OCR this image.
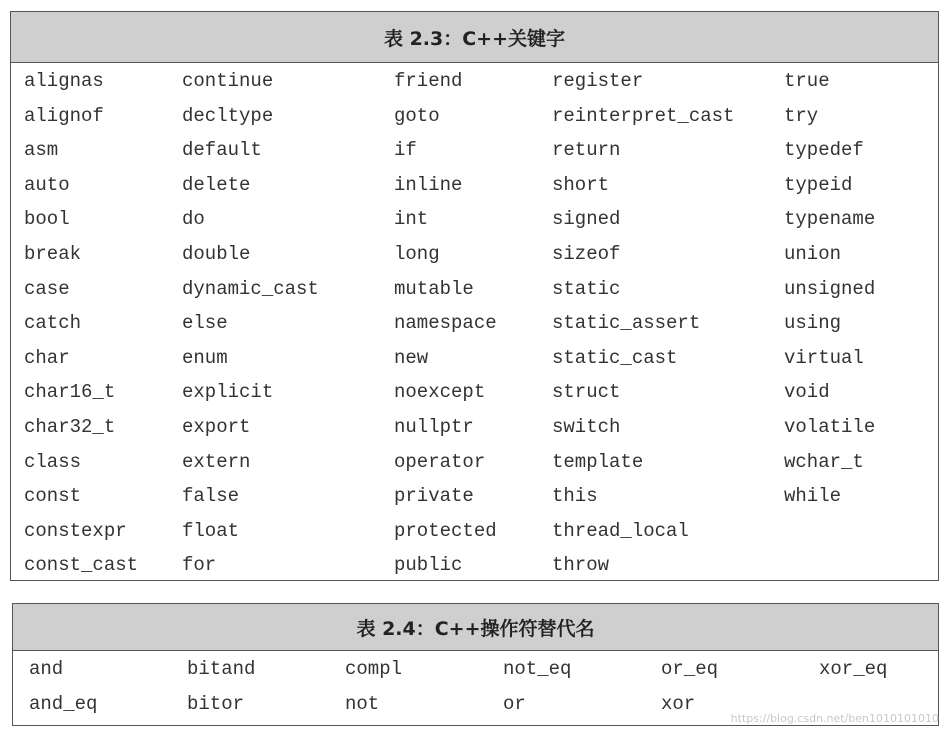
表 2.3：C++关键字
alignas
alignof
asm
auto
bool
break
case
catch
char
char16_t
char32_t
class
const
constexpr
const_cast
continue
decltype
default
delete
do
double
dynamic_cast
else
enum
explicit
export
extern
false
float
for
friend
goto
if
inline
int
long
mutable
namespace
new
noexcept
nullptr
operator
private
protected
public
register
reinterpret_cast
return
short
signed
sizeof
static
static_assert
static_cast
struct
switch
template
this
thread_local
throw
true
try
typedef
typeid
typename
union
unsigned
using
virtual
void
volatile
wchar_t
while
表 2.4：C++操作符替代名
and
and_eq
bitand
bitor
compl
not
not_eq
or
or_eq
xor
xor_eq
https://blog.csdn.net/ben1010101010
